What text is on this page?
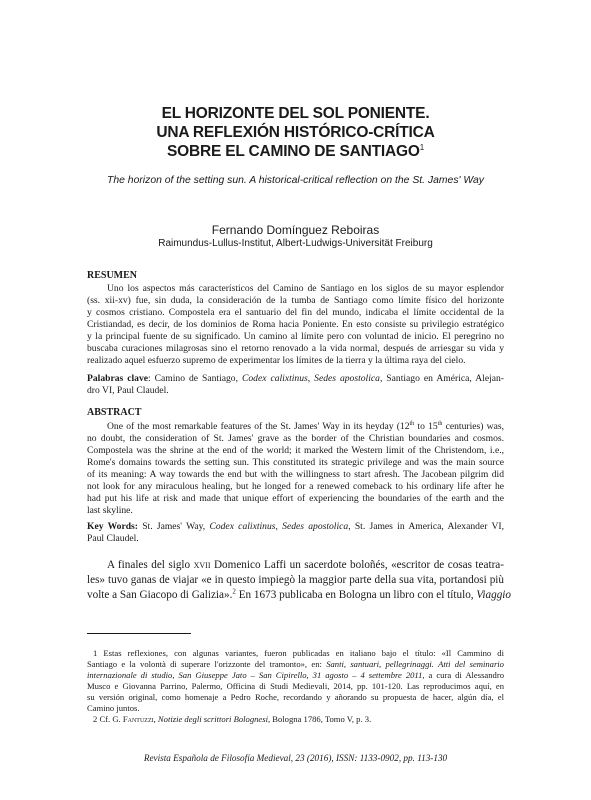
EL HORIZONTE DEL SOL PONIENTE.
UNA REFLEXIÓN HISTÓRICO-CRÍTICA
SOBRE EL CAMINO DE SANTIAGO$^1$
The horizon of the setting sun. A historical-critical reflection on the St. James' Way
Fernando Domínguez Reboiras
Raimundus-Lullus-Institut, Albert-Ludwigs-Universität Freiburg
RESUMEN
Uno los aspectos más característicos del Camino de Santiago en los siglos de su mayor esplendor
(ss. xii-xv) fue, sin duda, la consideración de la tumba de Santiago como límite físico del horizonte
y cosmos cristiano. Compostela era el santuario del fin del mundo, indicaba el límite occidental de la
Cristiandad, es decir, de los dominios de Roma hacia Poniente. En esto consiste su privilegio estratégico
y la principal fuente de su significado. Un camino al límite pero con voluntad de inicio. El peregrino no
buscaba curaciones milagrosas sino el retorno renovado a la vida normal, después de arriesgar su vida y
realizado aquel esfuerzo supremo de experimentar los límites de la tierra y la última raya del cielo.
Palabras clave: Camino de Santiago, Codex calixtinus, Sedes apostolica, Santiago en América, Alejan-
dro VI, Paul Claudel.
ABSTRACT
One of the most remarkable features of the St. James' Way in its heyday (12th to 15th centuries) was,
no doubt, the consideration of St. James' grave as the border of the Christian boundaries and cosmos.
Compostela was the shrine at the end of the world; it marked the Western limit of the Christendom, i.e.,
Rome's domains towards the setting sun. This constituted its strategic privilege and was the main source
of its meaning: A way towards the end but with the willingness to start afresh. The Jacobean pilgrim did
not look for any miraculous healing, but he longed for a renewed comeback to his ordinary life after he
had put his life at risk and made that unique effort of experiencing the boundaries of the earth and the
last skyline.
Key Words: St. James' Way, Codex calixtinus, Sedes apostolica, St. James in America, Alexander VI,
Paul Claudel.
A finales del siglo xvii Domenico Laffi un sacerdote boloñés, «escritor de cosas teatra-
les» tuvo ganas de viajar «e in questo impiegò la maggior parte della sua vita, portandosi più
volte a San Giacopo di Galizia».$^2$ En 1673 publicaba en Bologna un libro con el título, Viaggio
1 Estas reflexiones, con algunas variantes, fueron publicadas en italiano bajo el título: «Il Cammino di
Santiago e la volontà di superare l'orizzonte del tramonto», en: Santi, santuari, pellegrinaggi. Atti del seminario
internazionale di studio, San Giuseppe Jato – San Cipirello, 31 agosto – 4 settembre 2011, a cura di Alessandro
Musco e Giovanna Parrino, Palermo, Officina di Studi Medievali, 2014, pp. 101-120. Las reproducimos aquí, en
su versión original, como homenaje a Pedro Roche, recordando y añorando su propuesta de hacer, algún día, el
Camino juntos.
2 Cf. G. Fantuzzi, Notizie degli scrittori Bolognesi, Bologna 1786, Tomo V, p. 3.
Revista Española de Filosofía Medieval, 23 (2016), ISSN: 1133-0902, pp. 113-130
